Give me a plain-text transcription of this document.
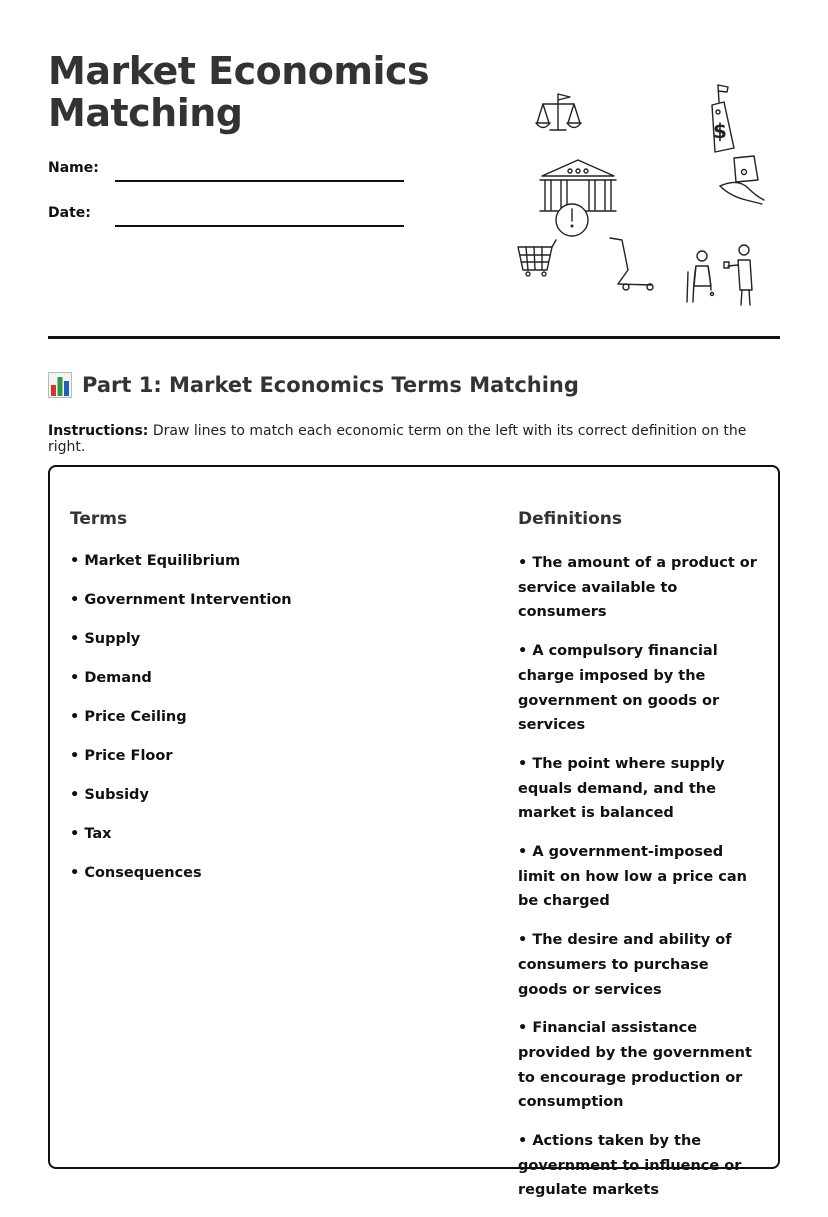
Market Economics Matching
Name:
Date:
$
Part 1: Market Economics Terms Matching

Instructions: Draw lines to match each economic term on the left with its correct definition on the right.

Terms
• Market Equilibrium
• Government Intervention
• Supply
• Demand
• Price Ceiling
• Price Floor
• Subsidy
• Tax
• Consequences
Definitions
• The amount of a product or service available to consumers
• A compulsory financial charge imposed by the government on goods or services
• The point where supply equals demand, and the market is balanced
• A government-imposed limit on how low a price can be charged
• The desire and ability of consumers to purchase goods or services
• Financial assistance provided by the government to encourage production or consumption
• Actions taken by the government to influence or regulate markets
